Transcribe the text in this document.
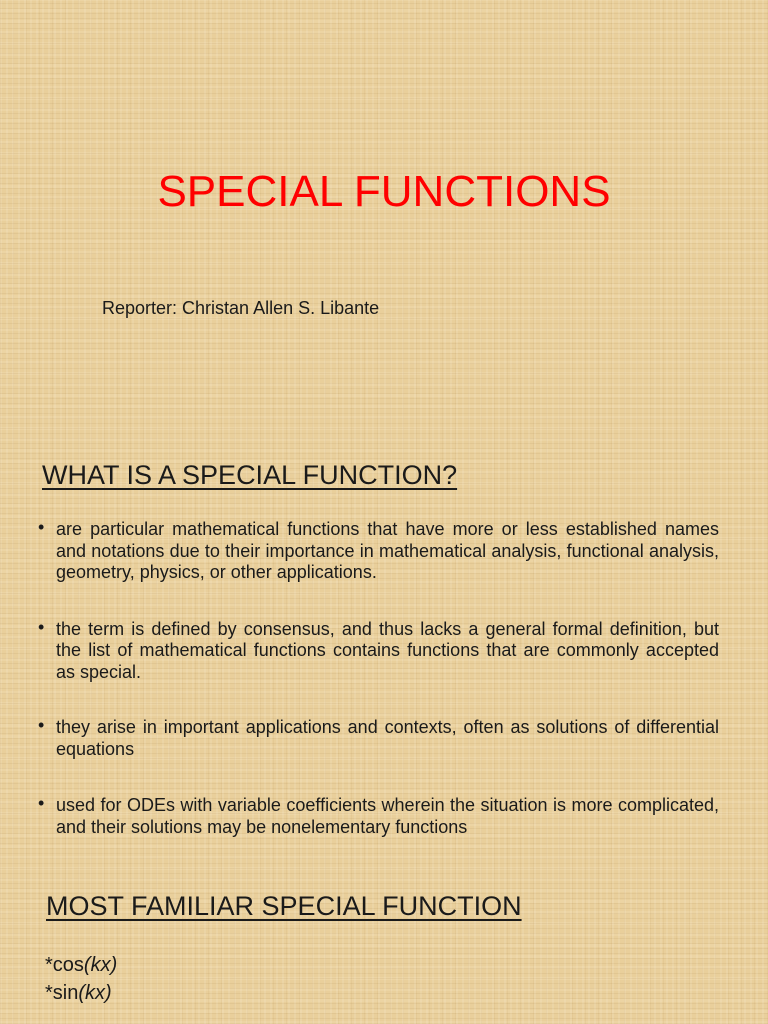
SPECIAL FUNCTIONS

Reporter: Christan Allen S. Libante

WHAT IS A SPECIAL FUNCTION?
• are particular mathematical functions that have more or less established names and notations due to their importance in mathematical analysis, functional analysis, geometry, physics, or other applications.
• the term is defined by consensus, and thus lacks a general formal definition, but the list of mathematical functions contains functions that are commonly accepted as special.
• they arise in important applications and contexts, often as solutions of differential equations
• used for ODEs with variable coefficients wherein the situation is more complicated, and their solutions may be nonelementary functions
MOST FAMILIAR SPECIAL FUNCTION
*cos(kx)
*sin(kx)
